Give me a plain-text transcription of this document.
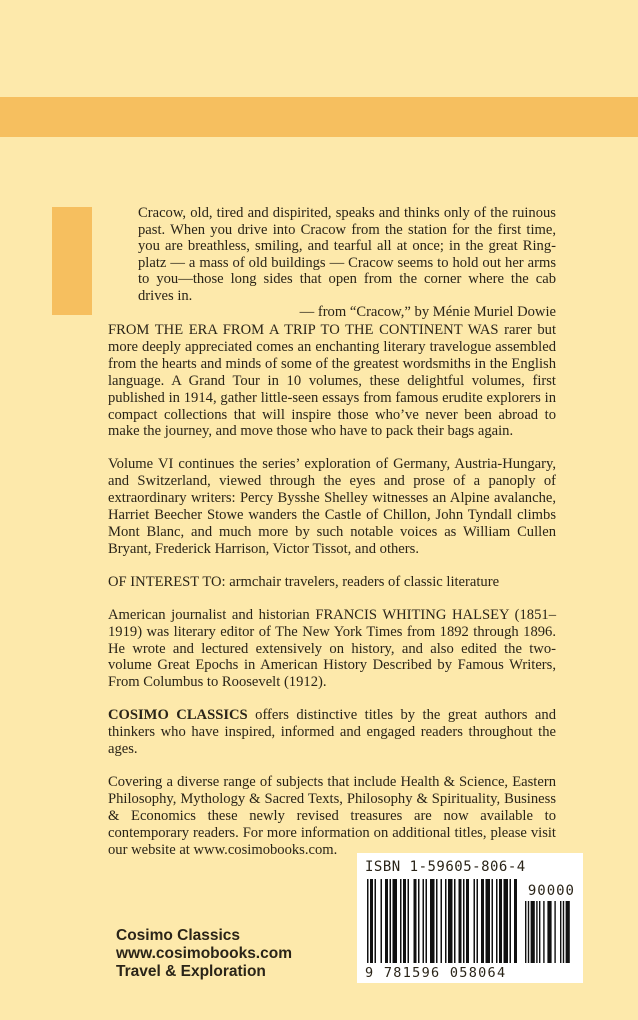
Cracow, old, tired and dispirited, speaks and thinks only of the ruinous past. When you drive into Cracow from the station for the first time, you are breathless, smiling, and tearful all at once; in the great Ring-platz — a mass of old buildings — Cracow seems to hold out her arms to you—those long sides that open from the corner where the cab drives in.

— from “Cracow,” by Ménie Muriel Dowie

FROM THE ERA FROM A TRIP TO THE CONTINENT WAS rarer but more deeply appreciated comes an enchanting literary travelogue assembled from the hearts and minds of some of the greatest wordsmiths in the English language. A Grand Tour in 10 volumes, these delightful volumes, first published in 1914, gather little-seen essays from famous erudite explorers in compact collections that will inspire those who’ve never been abroad to make the journey, and move those who have to pack their bags again.

Volume VI continues the series’ exploration of Germany, Austria-Hungary, and Switzerland, viewed through the eyes and prose of a panoply of extraordinary writers: Percy Bysshe Shelley witnesses an Alpine avalanche, Harriet Beecher Stowe wanders the Castle of Chillon, John Tyndall climbs Mont Blanc, and much more by such notable voices as William Cullen Bryant, Frederick Harrison, Victor Tissot, and others.

OF INTEREST TO: armchair travelers, readers of classic literature

American journalist and historian FRANCIS WHITING HALSEY (1851–1919) was literary editor of The New York Times from 1892 through 1896. He wrote and lectured extensively on history, and also edited the two-volume Great Epochs in American History Described by Famous Writers, From Columbus to Roosevelt (1912).

COSIMO CLASSICS offers distinctive titles by the great authors and thinkers who have inspired, informed and engaged readers throughout the ages.

Covering a diverse range of subjects that include Health & Science, Eastern Philosophy, Mythology & Sacred Texts, Philosophy & Spirituality, Business & Economics these newly revised treasures are now available to contemporary readers. For more information on additional titles, please visit our website at www.cosimobooks.com.

ISBN 1-59605-806-4
90000
9 781596 058064
Cosimo Classics
www.cosimobooks.com
Travel & Exploration
